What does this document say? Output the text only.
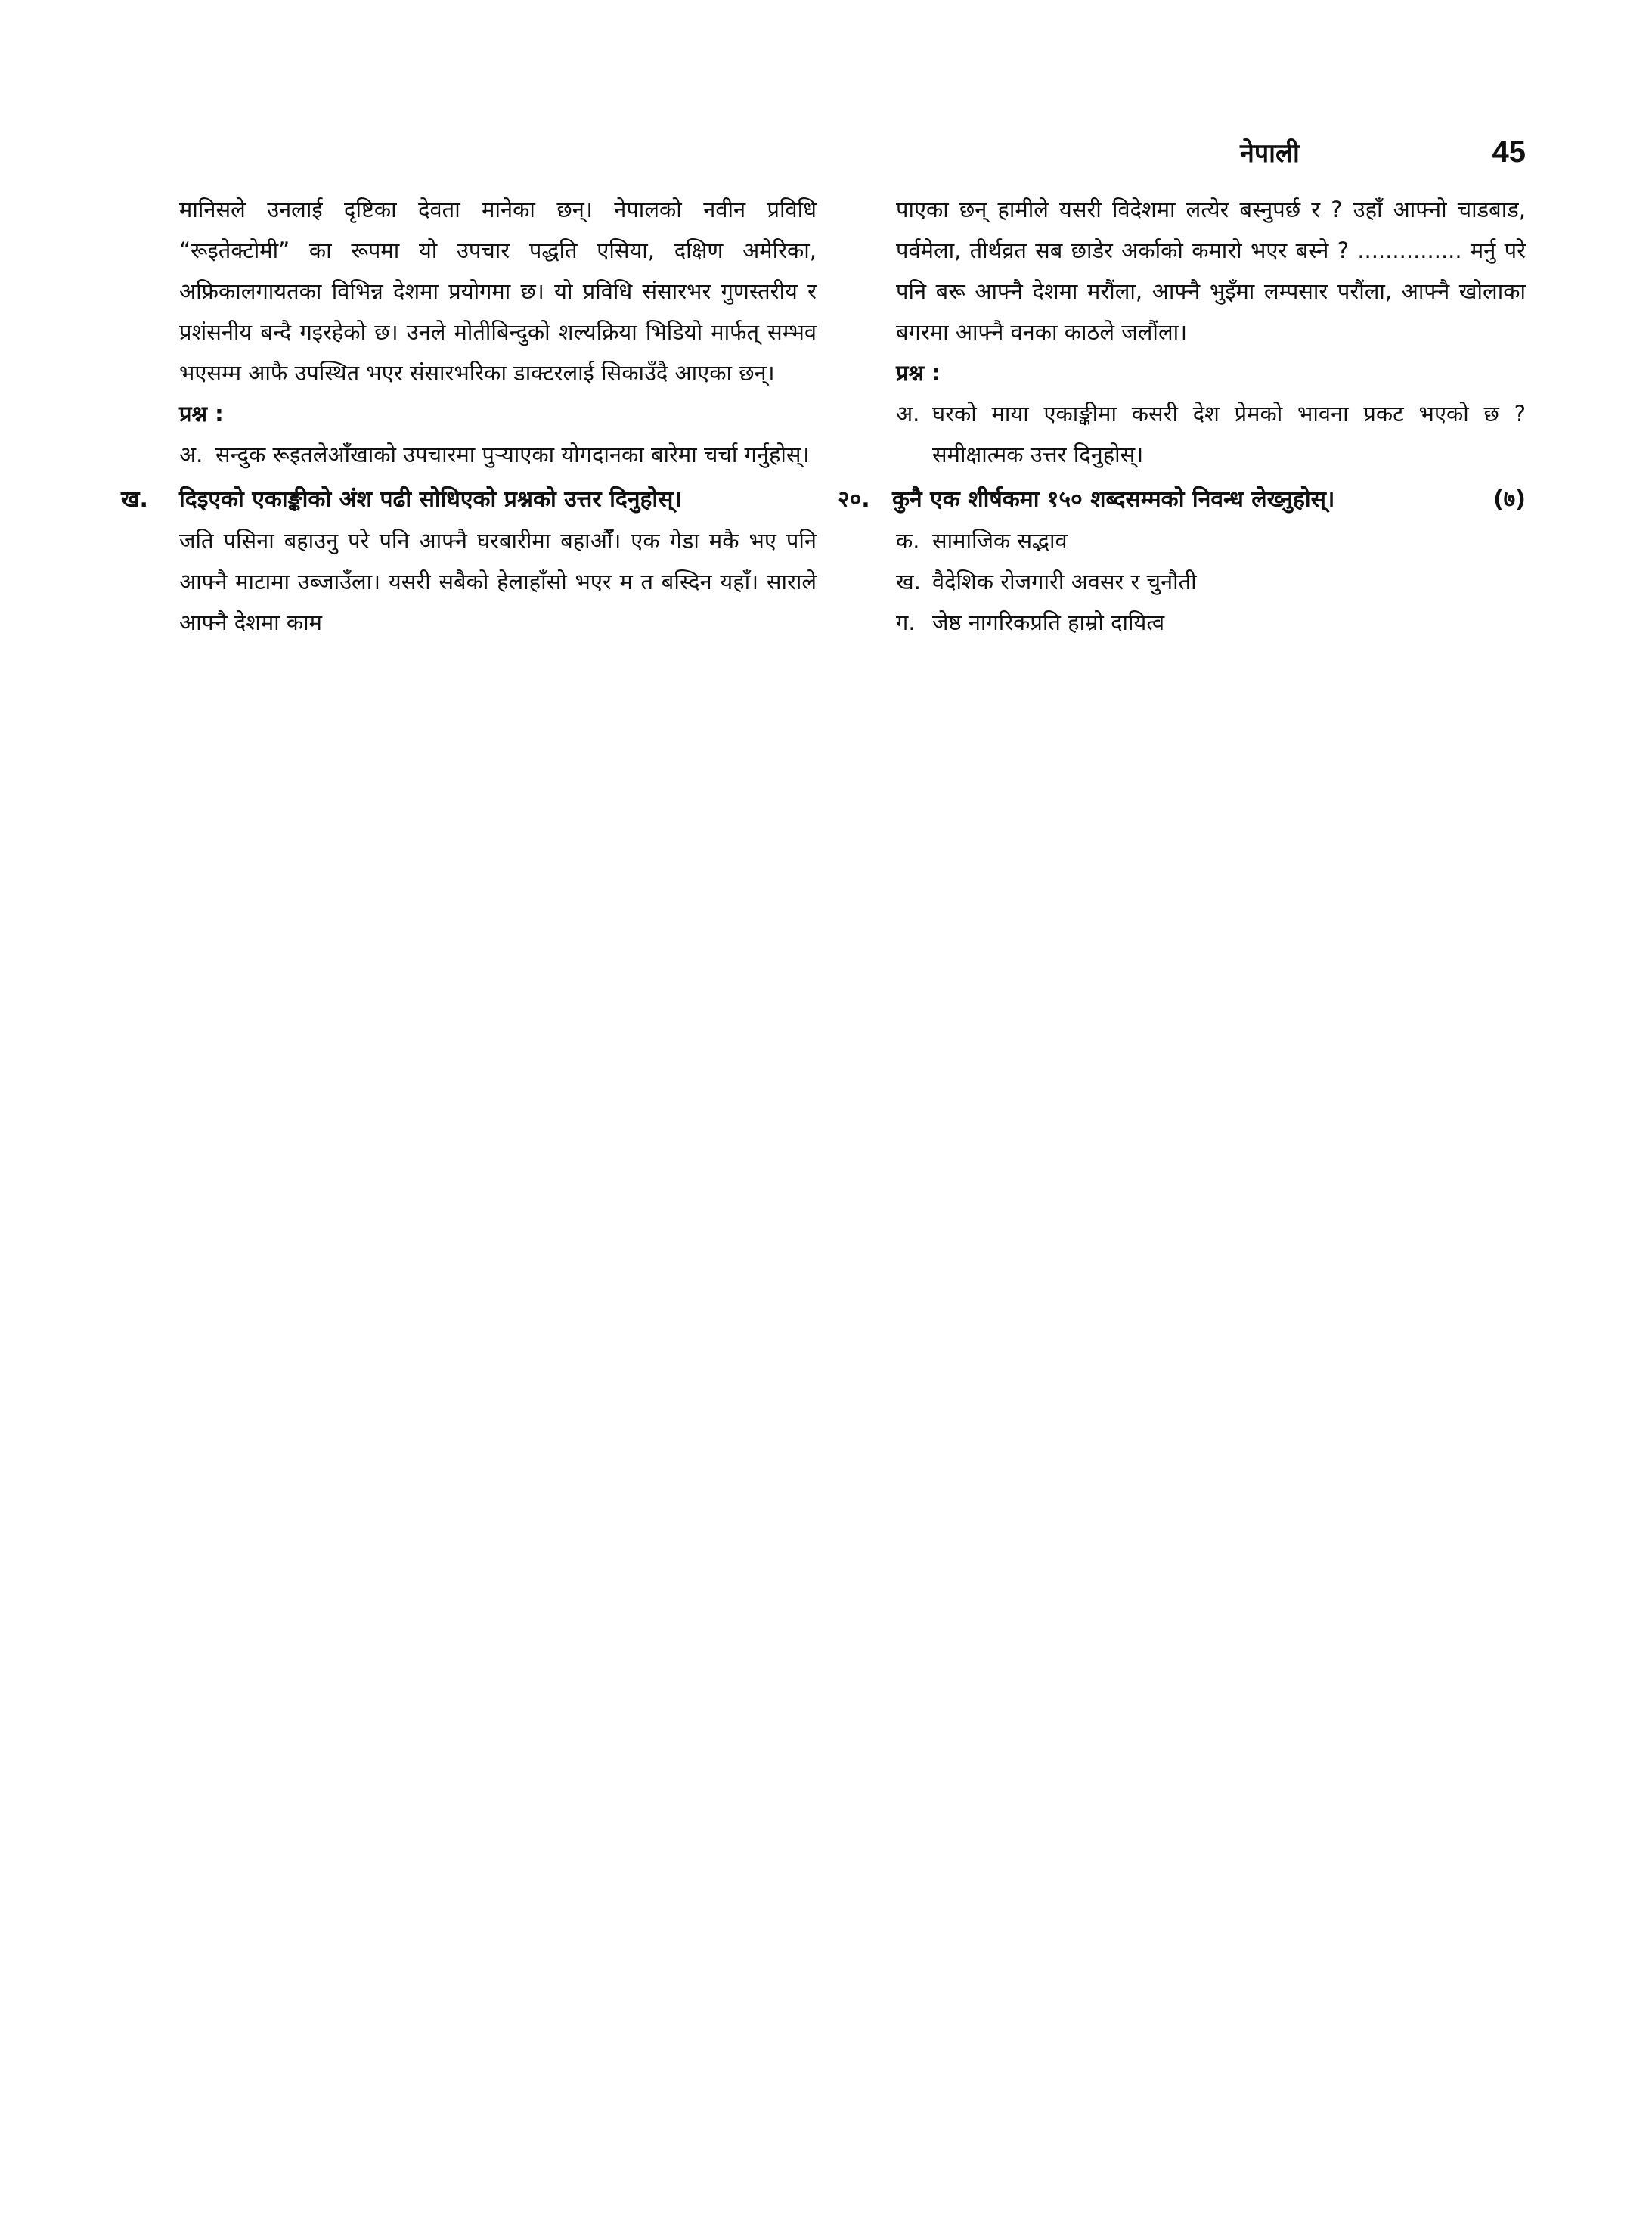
नेपाली	45

मानिसले उनलाई दृष्टिका देवता मानेका छन्। नेपालको नवीन प्रविधि “रूइतेक्टोमी” का रूपमा यो उपचार पद्धति एसिया, दक्षिण अमेरिका, अफ्रिकालगायतका विभिन्न देशमा प्रयोगमा छ। यो प्रविधि संसारभर गुणस्तरीय र प्रशंसनीय बन्दै गइरहेको छ। उनले मोतीबिन्दुको शल्यक्रिया भिडियो मार्फत् सम्भव भएसम्म आफै उपस्थित भएर संसारभरिका डाक्टरलाई सिकाउँदै आएका छन्।

प्रश्न :
अ. सन्दुक रूइतलेआँखाको उपचारमा पुऱ्याएका योगदानका बारेमा चर्चा गर्नुहोस्।
ख.	दिइएको एकाङ्कीको अंश पढी सोधिएको प्रश्नको उत्तर दिनुहोस्।

जति पसिना बहाउनु परे पनि आफ्नै घरबारीमा बहाऔंँ। एक गेडा मकै भए पनि आफ्नै माटामा उब्जाउँला। यसरी सबैको हेलाहाँसो भएर म त बस्दिन यहाँ। साराले आफ्नै देशमा काम

पाएका छन् हामीले यसरी विदेशमा लत्येर बस्नुपर्छ र ? उहाँ आफ्नो चाडबाड, पर्वमेला, तीर्थव्रत सब छाडेर अर्काको कमारो भएर बस्ने ? ............... मर्नु परे पनि बरू आफ्नै देशमा मरौंला, आफ्नै भुइँमा लम्पसार परौंला, आफ्नै खोलाका बगरमा आफ्नै वनका काठले जलौंला।

प्रश्न :
अ. घरको माया एकाङ्कीमा कसरी देश प्रेमको भावना प्रकट भएको छ ? समीक्षात्मक उत्तर दिनुहोस्।
२०. कुनै एक शीर्षकमा १५० शब्दसम्मको निवन्ध लेख्नुहोस्।	(७)
क. सामाजिक सद्भाव
ख. वैदेशिक रोजगारी अवसर र चुनौती
ग. जेष्ठ नागरिकप्रति हाम्रो दायित्व
